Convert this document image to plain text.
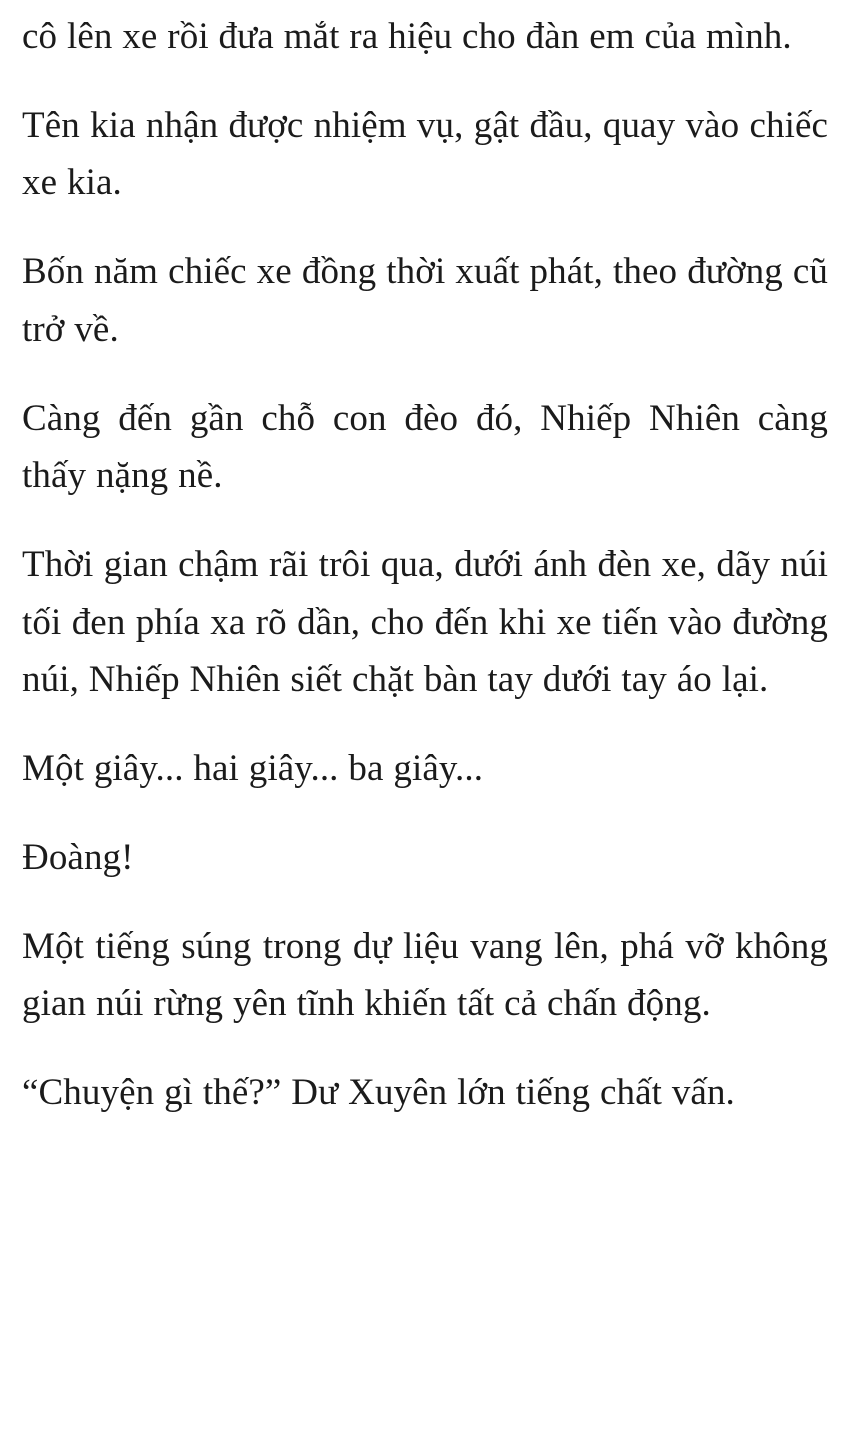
cô lên xe rồi đưa mắt ra hiệu cho đàn em của mình.

Tên kia nhận được nhiệm vụ, gật đầu, quay vào chiếc xe kia.

Bốn năm chiếc xe đồng thời xuất phát, theo đường cũ trở về.

Càng đến gần chỗ con đèo đó, Nhiếp Nhiên càng thấy nặng nề.

Thời gian chậm rãi trôi qua, dưới ánh đèn xe, dãy núi tối đen phía xa rõ dần, cho đến khi xe tiến vào đường núi, Nhiếp Nhiên siết chặt bàn tay dưới tay áo lại.

Một giây... hai giây... ba giây...

Đoàng!

Một tiếng súng trong dự liệu vang lên, phá vỡ không gian núi rừng yên tĩnh khiến tất cả chấn động.

“Chuyện gì thế?” Dư Xuyên lớn tiếng chất vấn.
